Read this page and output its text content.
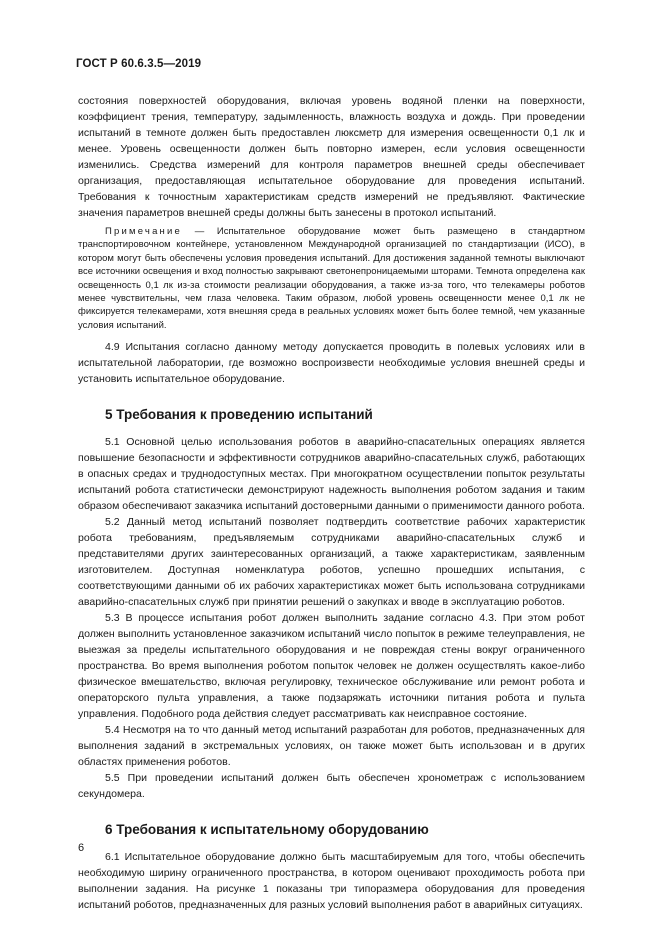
ГОСТ Р 60.6.3.5—2019

состояния поверхностей оборудования, включая уровень водяной пленки на поверхности, коэффициент трения, температуру, задымленность, влажность воздуха и дождь. При проведении испытаний в темноте должен быть предоставлен люксметр для измерения освещенности 0,1 лк и менее. Уровень освещенности должен быть повторно измерен, если условия освещенности изменились. Средства измерений для контроля параметров внешней среды обеспечивает организация, предоставляющая испытательное оборудование для проведения испытаний. Требования к точностным характеристикам средств измерений не предъявляют. Фактические значения параметров внешней среды должны быть занесены в протокол испытаний.

Примечание — Испытательное оборудование может быть размещено в стандартном транспортировочном контейнере, установленном Международной организацией по стандартизации (ИСО), в котором могут быть обеспечены условия проведения испытаний. Для достижения заданной темноты выключают все источники освещения и вход полностью закрывают светонепроницаемыми шторами. Темнота определена как освещенность 0,1 лк из-за стоимости реализации оборудования, а также из-за того, что телекамеры роботов менее чувствительны, чем глаза человека. Таким образом, любой уровень освещенности менее 0,1 лк не фиксируется телекамерами, хотя внешняя среда в реальных условиях может быть более темной, чем указанные условия испытаний.

4.9 Испытания согласно данному методу допускается проводить в полевых условиях или в испытательной лаборатории, где возможно воспроизвести необходимые условия внешней среды и установить испытательное оборудование.

5 Требования к проведению испытаний

5.1 Основной целью использования роботов в аварийно-спасательных операциях является повышение безопасности и эффективности сотрудников аварийно-спасательных служб, работающих в опасных средах и труднодоступных местах. При многократном осуществлении попыток результаты испытаний робота статистически демонстрируют надежность выполнения роботом задания и таким образом обеспечивают заказчика испытаний достоверными данными о применимости данного робота.

5.2 Данный метод испытаний позволяет подтвердить соответствие рабочих характеристик робота требованиям, предъявляемым сотрудниками аварийно-спасательных служб и представителями других заинтересованных организаций, а также характеристикам, заявленным изготовителем. Доступная номенклатура роботов, успешно прошедших испытания, с соответствующими данными об их рабочих характеристиках может быть использована сотрудниками аварийно-спасательных служб при принятии решений о закупках и вводе в эксплуатацию роботов.

5.3 В процессе испытания робот должен выполнить задание согласно 4.3. При этом робот должен выполнить установленное заказчиком испытаний число попыток в режиме телеуправления, не выезжая за пределы испытательного оборудования и не повреждая стены вокруг ограниченного пространства. Во время выполнения роботом попыток человек не должен осуществлять какое-либо физическое вмешательство, включая регулировку, техническое обслуживание или ремонт робота и операторского пульта управления, а также подзаряжать источники питания робота и пульта управления. Подобного рода действия следует рассматривать как неисправное состояние.

5.4 Несмотря на то что данный метод испытаний разработан для роботов, предназначенных для выполнения заданий в экстремальных условиях, он также может быть использован и в других областях применения роботов.

5.5 При проведении испытаний должен быть обеспечен хронометраж с использованием секундомера.

6 Требования к испытательному оборудованию

6.1 Испытательное оборудование должно быть масштабируемым для того, чтобы обеспечить необходимую ширину ограниченного пространства, в котором оценивают проходимость робота при выполнении задания. На рисунке 1 показаны три типоразмера оборудования для проведения испытаний роботов, предназначенных для разных условий выполнения работ в аварийных ситуациях.

6
